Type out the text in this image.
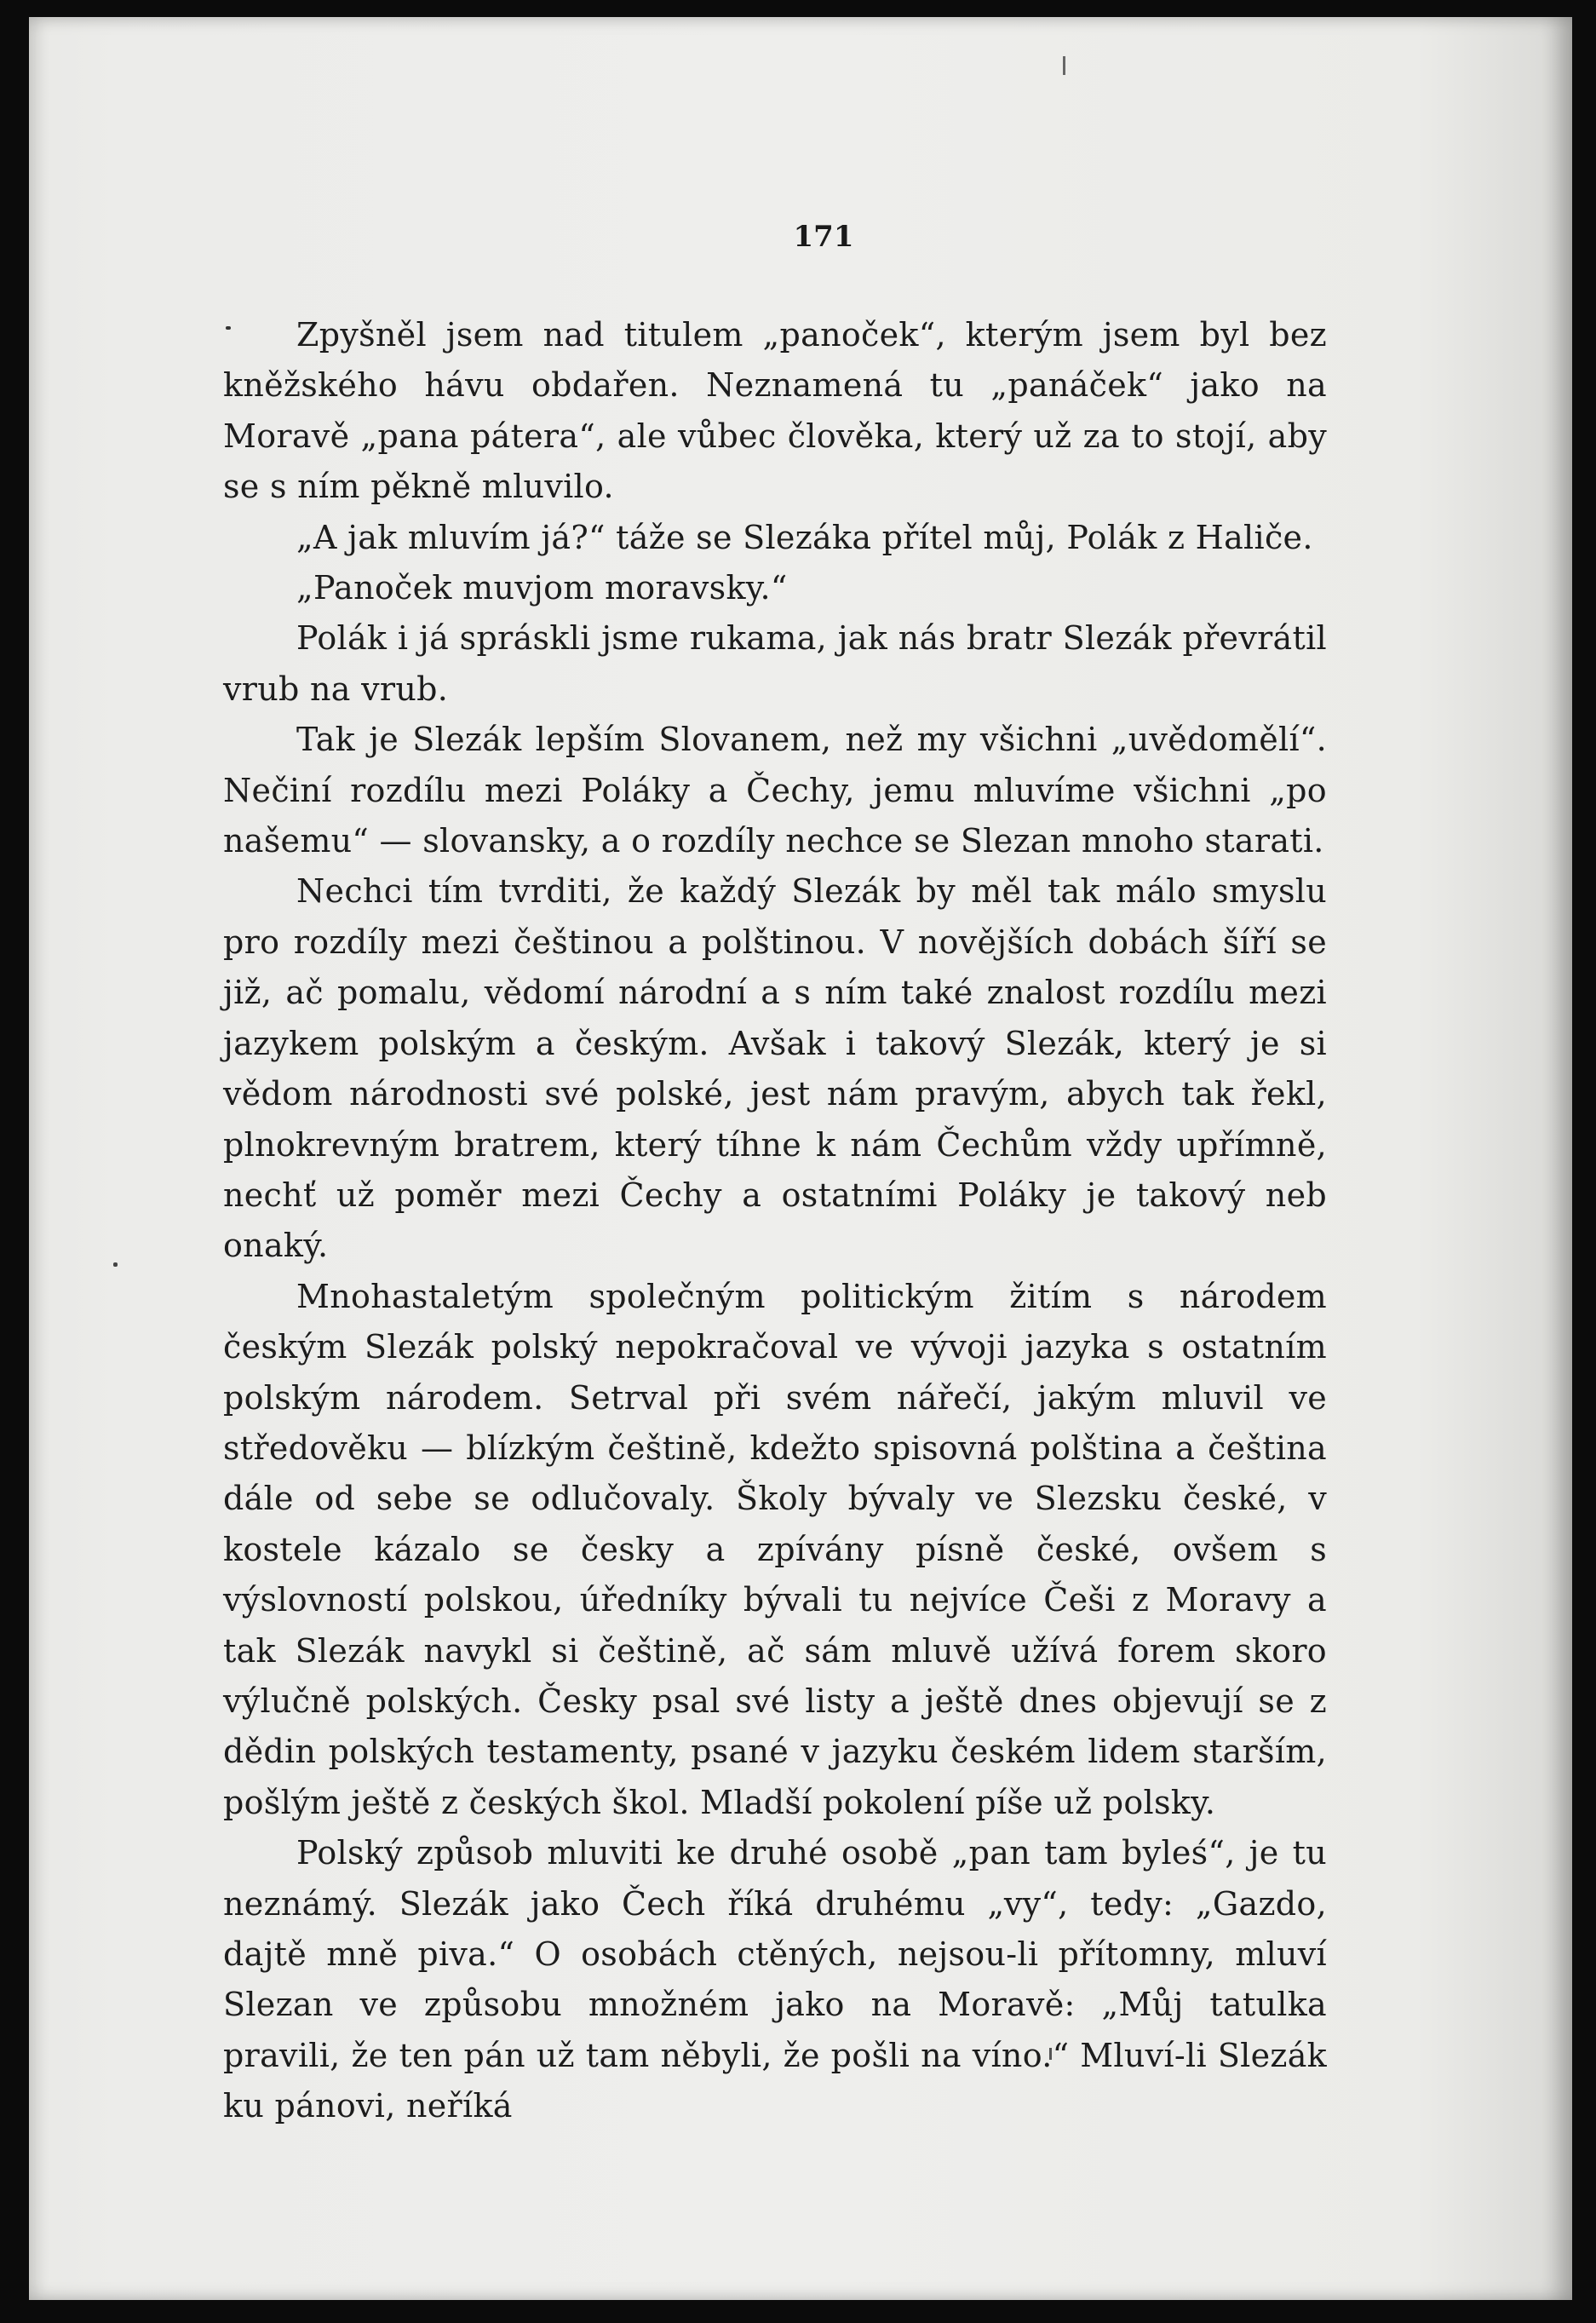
171

Zpyšněl jsem nad titulem „panoček“, kterým jsem byl bez kněžského hávu obdařen. Neznamená tu „panáček“ jako na Moravě „pana pátera“, ale vůbec člověka, který už za to stojí, aby se s ním pěkně mluvilo.

„A jak mluvím já?“ táže se Slezáka přítel můj, Polák z Haliče.

„Panoček muvjom moravsky.“

Polák i já spráskli jsme rukama, jak nás bratr Slezák převrátil vrub na vrub.

Tak je Slezák lepším Slovanem, než my všichni „uvědomělí“. Nečiní rozdílu mezi Poláky a Čechy, jemu mluvíme všichni „po našemu“ — slovansky, a o rozdíly nechce se Slezan mnoho starati.

Nechci tím tvrditi, že každý Slezák by měl tak málo smyslu pro rozdíly mezi češtinou a polštinou. V novějších dobách šíří se již, ač pomalu, vědomí národní a s ním také znalost rozdílu mezi jazykem polským a českým. Avšak i takový Slezák, který je si vědom národnosti své polské, jest nám pravým, abych tak řekl, plnokrevným bratrem, který tíhne k nám Čechům vždy upřímně, nechť už poměr mezi Čechy a ostatními Poláky je takový neb onaký.

Mnohastaletým společným politickým žitím s národem českým Slezák polský nepokračoval ve vývoji jazyka s ostatním polským národem. Setrval při svém nářečí, jakým mluvil ve středověku — blízkým češtině, kdežto spisovná polština a čeština dále od sebe se odlučovaly. Školy bývaly ve Slezsku české, v kostele kázalo se česky a zpívány písně české, ovšem s výslovností polskou, úředníky bývali tu nejvíce Češi z Moravy a tak Slezák navykl si češtině, ač sám mluvě užívá forem skoro výlučně polských. Česky psal své listy a ještě dnes objevují se z dědin polských testamenty, psané v jazyku českém lidem starším, pošlým ještě z českých škol. Mladší pokolení píše už polsky.

Polský způsob mluviti ke druhé osobě „pan tam byleś“, je tu neznámý. Slezák jako Čech říká druhému „vy“, tedy: „Gazdo, dajtě mně piva.“ O osobách ctěných, nejsou-li přítomny, mluví Slezan ve způsobu množném jako na Moravě: „Můj tatulka pravili, že ten pán už tam něbyli, že pošli na víno.“ Mluví-li Slezák ku pánovi, neříká
